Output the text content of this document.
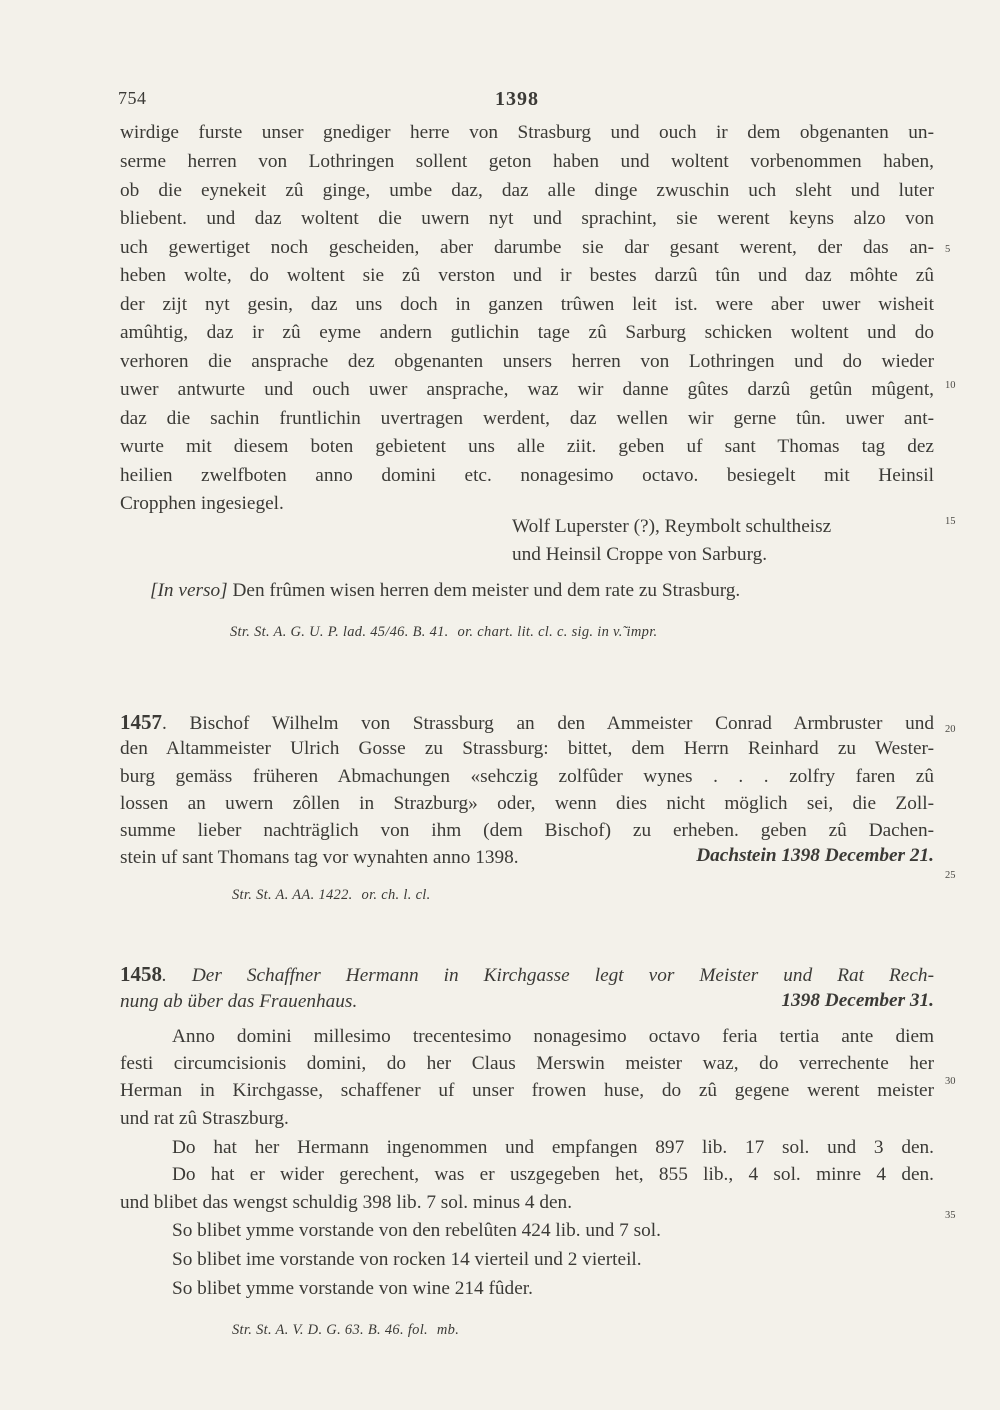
754	1398
wirdige furste unser gnediger herre von Strasburg und ouch ir dem obgenanten un-
serme herren von Lothringen sollent geton haben und woltent vorbenommen haben,
ob die eynekeit zû ginge, umbe daz, daz alle dinge zwuschin uch sleht und luter
bliebent. und daz woltent die uwern nyt und sprachint, sie werent keyns alzo von
uch gewertiget noch gescheiden, aber darumbe sie dar gesant werent, der das an-
heben wolte, do woltent sie zû verston und ir bestes darzû tûn und daz môhte zû
der zijt nyt gesin, daz uns doch in ganzen trûwen leit ist. were aber uwer wisheit
amûhtig, daz ir zû eyme andern gutlichin tage zû Sarburg schicken woltent und do
verhoren die ansprache dez obgenanten unsers herren von Lothringen und do wieder
uwer antwurte und ouch uwer ansprache, waz wir danne gûtes darzû getûn mûgent,
daz die sachin fruntlichin uvertragen werdent, daz wellen wir gerne tûn. uwer ant-
wurte mit diesem boten gebietent uns alle ziit. geben uf sant Thomas tag dez
heilien zwelfboten anno domini etc. nonagesimo octavo. besiegelt mit Heinsil
Cropphen ingesiegel.
Wolf Luperster (?), Reymbolt schultheisz
und Heinsil Croppe von Sarburg.
[In verso] Den frûmen wisen herren dem meister und dem rate zu Strasburg.
Str. St. A. G. U. P. lad. 45/46. B. 41. or. chart. lit. cl. c. sig. in v.̃ impr.
1457. Bischof Wilhelm von Strassburg an den Ammeister Conrad Armbruster und
den Altammeister Ulrich Gosse zu Strassburg: bittet, dem Herrn Reinhard zu Wester-
burg gemäss früheren Abmachungen «sehczig zolfûder wynes . . . zolfry faren zû
lossen an uwern zôllen in Strazburg» oder, wenn dies nicht möglich sei, die Zoll-
summe lieber nachträglich von ihm (dem Bischof) zu erheben. geben zû Dachen-
stein uf sant Thomans tag vor wynahten anno 1398.	Dachstein 1398 December 21.
Str. St. A. AA. 1422. or. ch. l. cl.
1458. Der Schaffner Hermann in Kirchgasse legt vor Meister und Rat Rech-
nung ab über das Frauenhaus.	1398 December 31.
Anno domini millesimo trecentesimo nonagesimo octavo feria tertia ante diem
festi circumcisionis domini, do her Claus Merswin meister waz, do verrechente her
Herman in Kirchgasse, schaffener uf unser frowen huse, do zû gegene werent meister
und rat zû Straszburg.
Do hat her Hermann ingenommen und empfangen 897 lib. 17 sol. und 3 den.
Do hat er wider gerechent, was er uszgegeben het, 855 lib., 4 sol. minre 4 den.
und blibet das wengst schuldig 398 lib. 7 sol. minus 4 den.
So blibet ymme vorstande von den rebelûten 424 lib. und 7 sol.
So blibet ime vorstande von rocken 14 vierteil und 2 vierteil.
So blibet ymme vorstande von wine 214 fûder.
Str. St. A. V. D. G. 63. B. 46. fol. mb.
5
10
15
20
25
30
35
